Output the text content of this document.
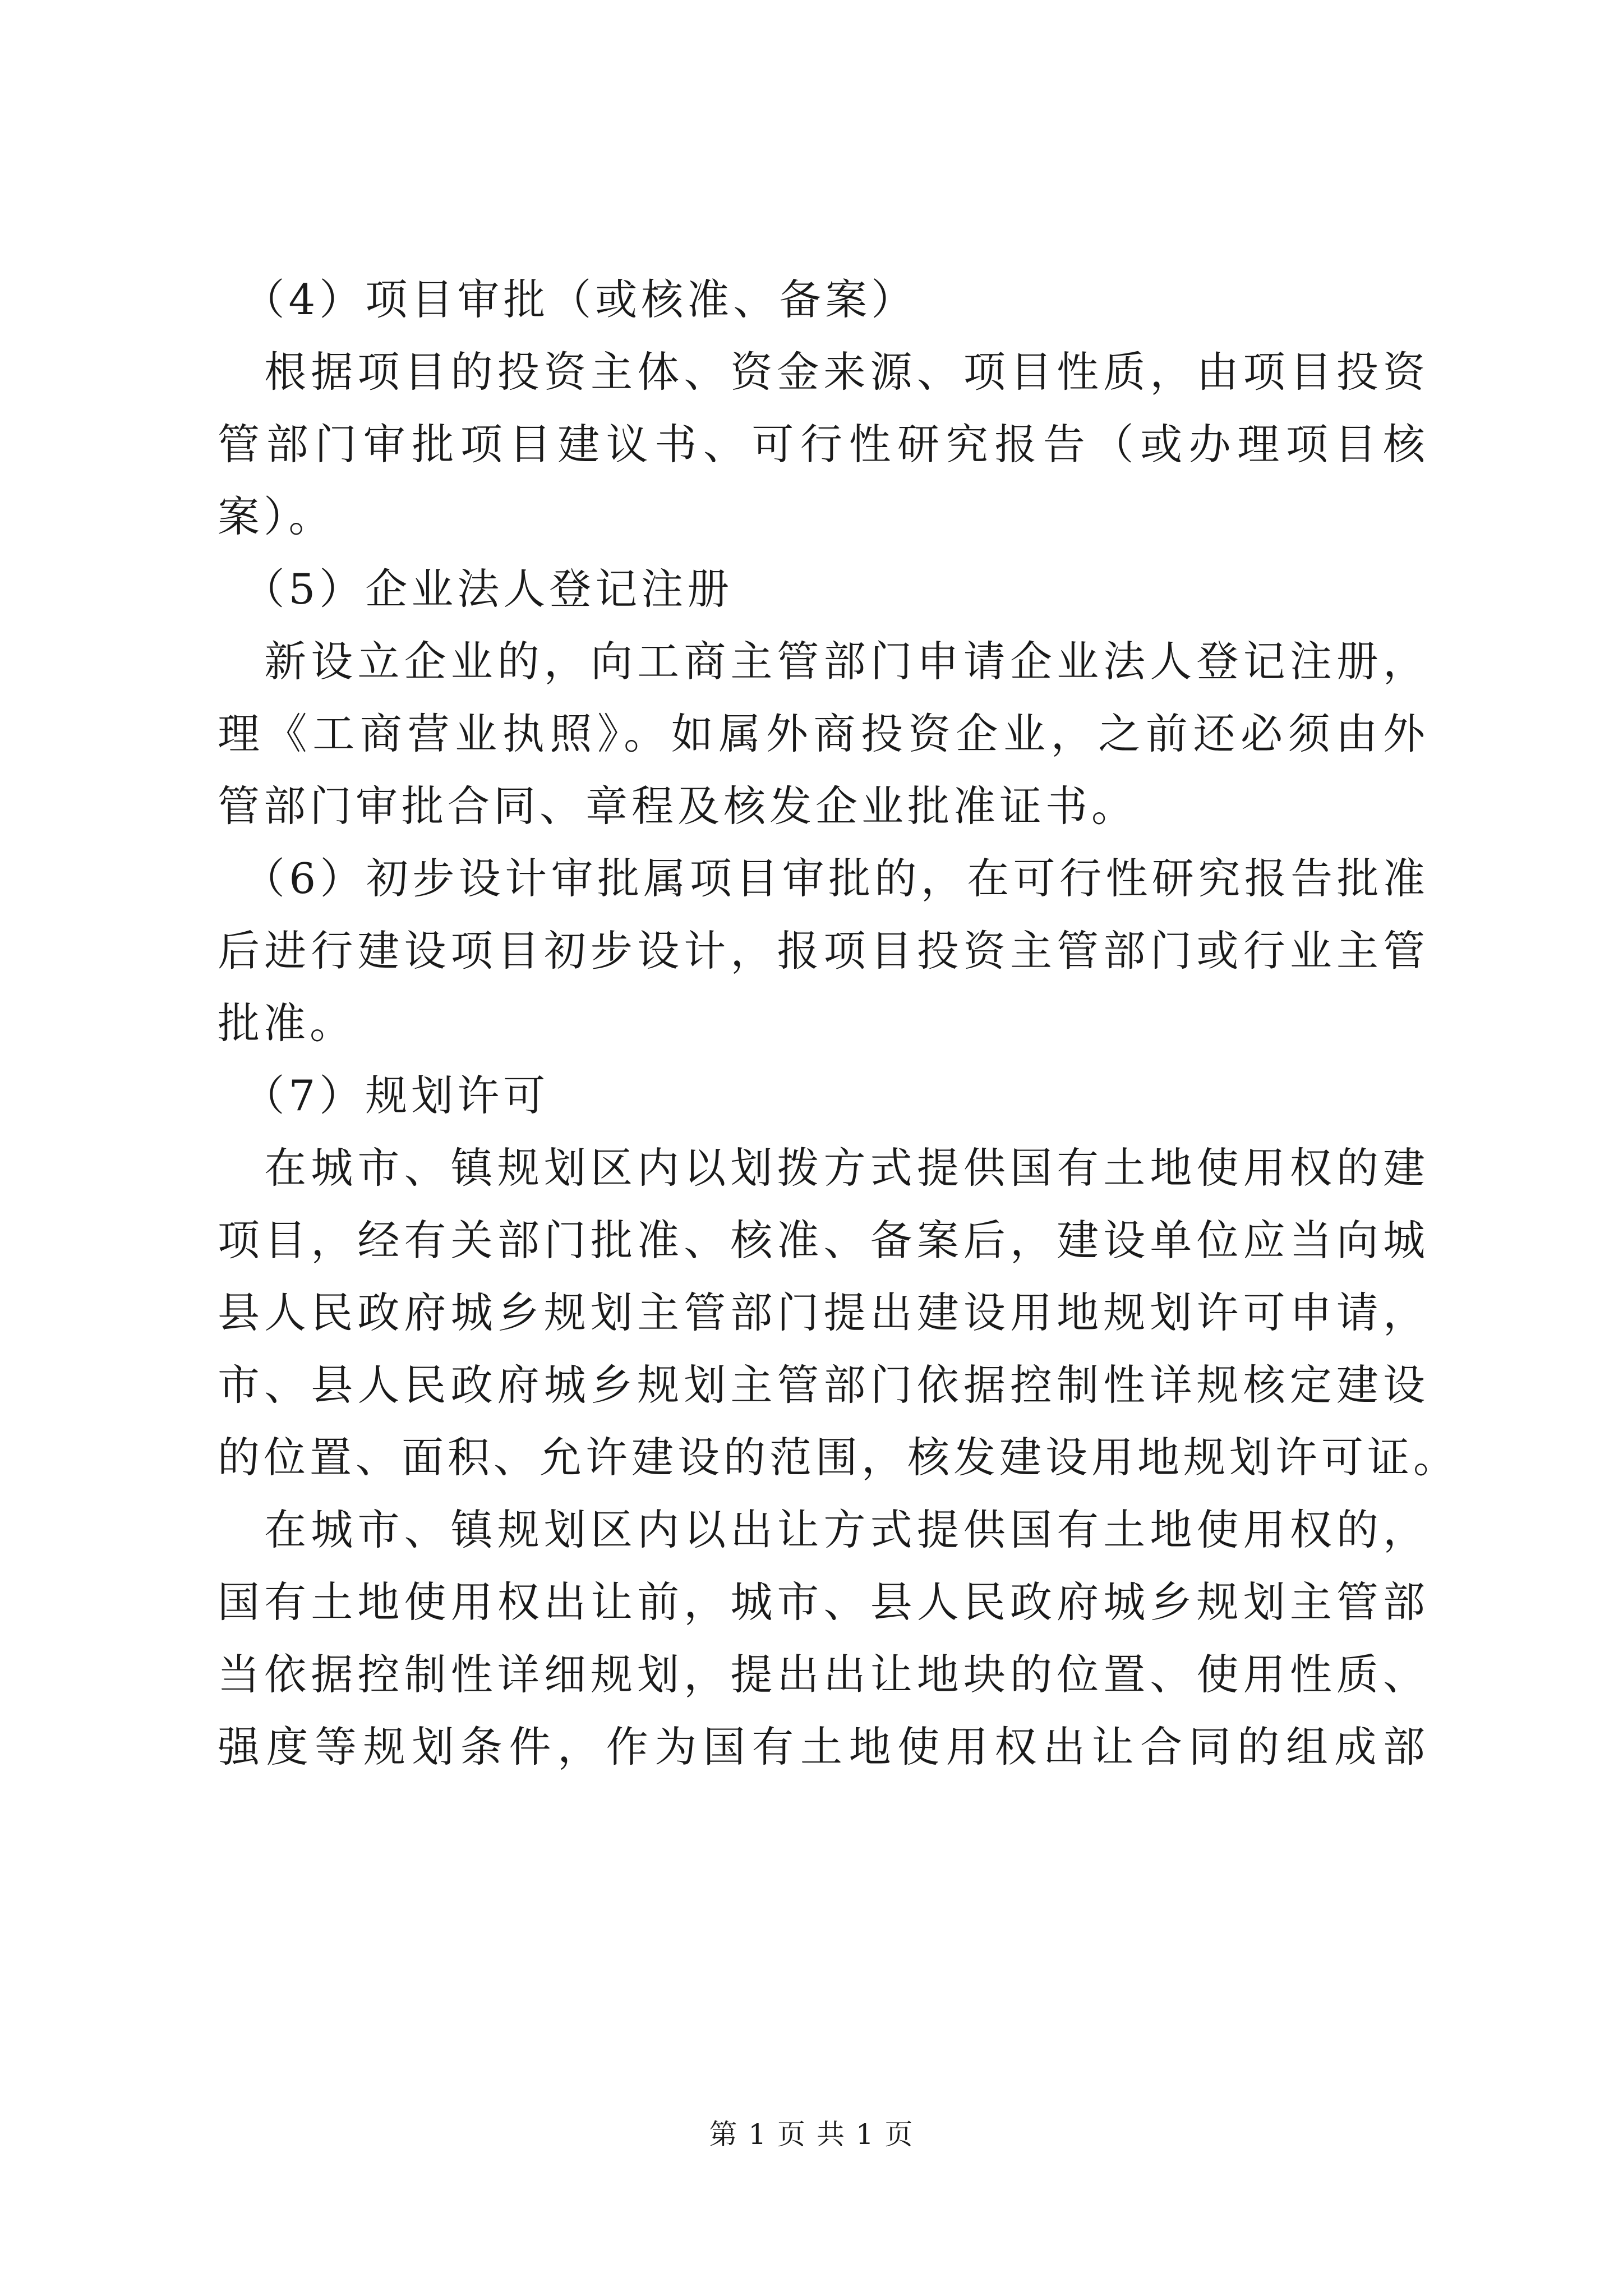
　（4）项目审批（或核准、备案）
　根据项目的投资主体、资金来源、项目性质，由项目投资
管部门审批项目建议书、可行性研究报告（或办理项目核
案）。
　（5）企业法人登记注册
　新设立企业的，向工商主管部门申请企业法人登记注册，
理《工商营业执照》。如属外商投资企业，之前还必须由外
管部门审批合同、章程及核发企业批准证书。
　（6）初步设计审批属项目审批的，在可行性研究报告批准
后进行建设项目初步设计，报项目投资主管部门或行业主管
批准。
　（7）规划许可
　在城市、镇规划区内以划拨方式提供国有土地使用权的建
项目，经有关部门批准、核准、备案后，建设单位应当向城
县人民政府城乡规划主管部门提出建设用地规划许可申请，
市、县人民政府城乡规划主管部门依据控制性详规核定建设
的位置、面积、允许建设的范围，核发建设用地规划许可证。
　在城市、镇规划区内以出让方式提供国有土地使用权的，
国有土地使用权出让前，城市、县人民政府城乡规划主管部
当依据控制性详细规划，提出出让地块的位置、使用性质、
强度等规划条件，作为国有土地使用权出让合同的组成部
第 1 页 共 1 页
